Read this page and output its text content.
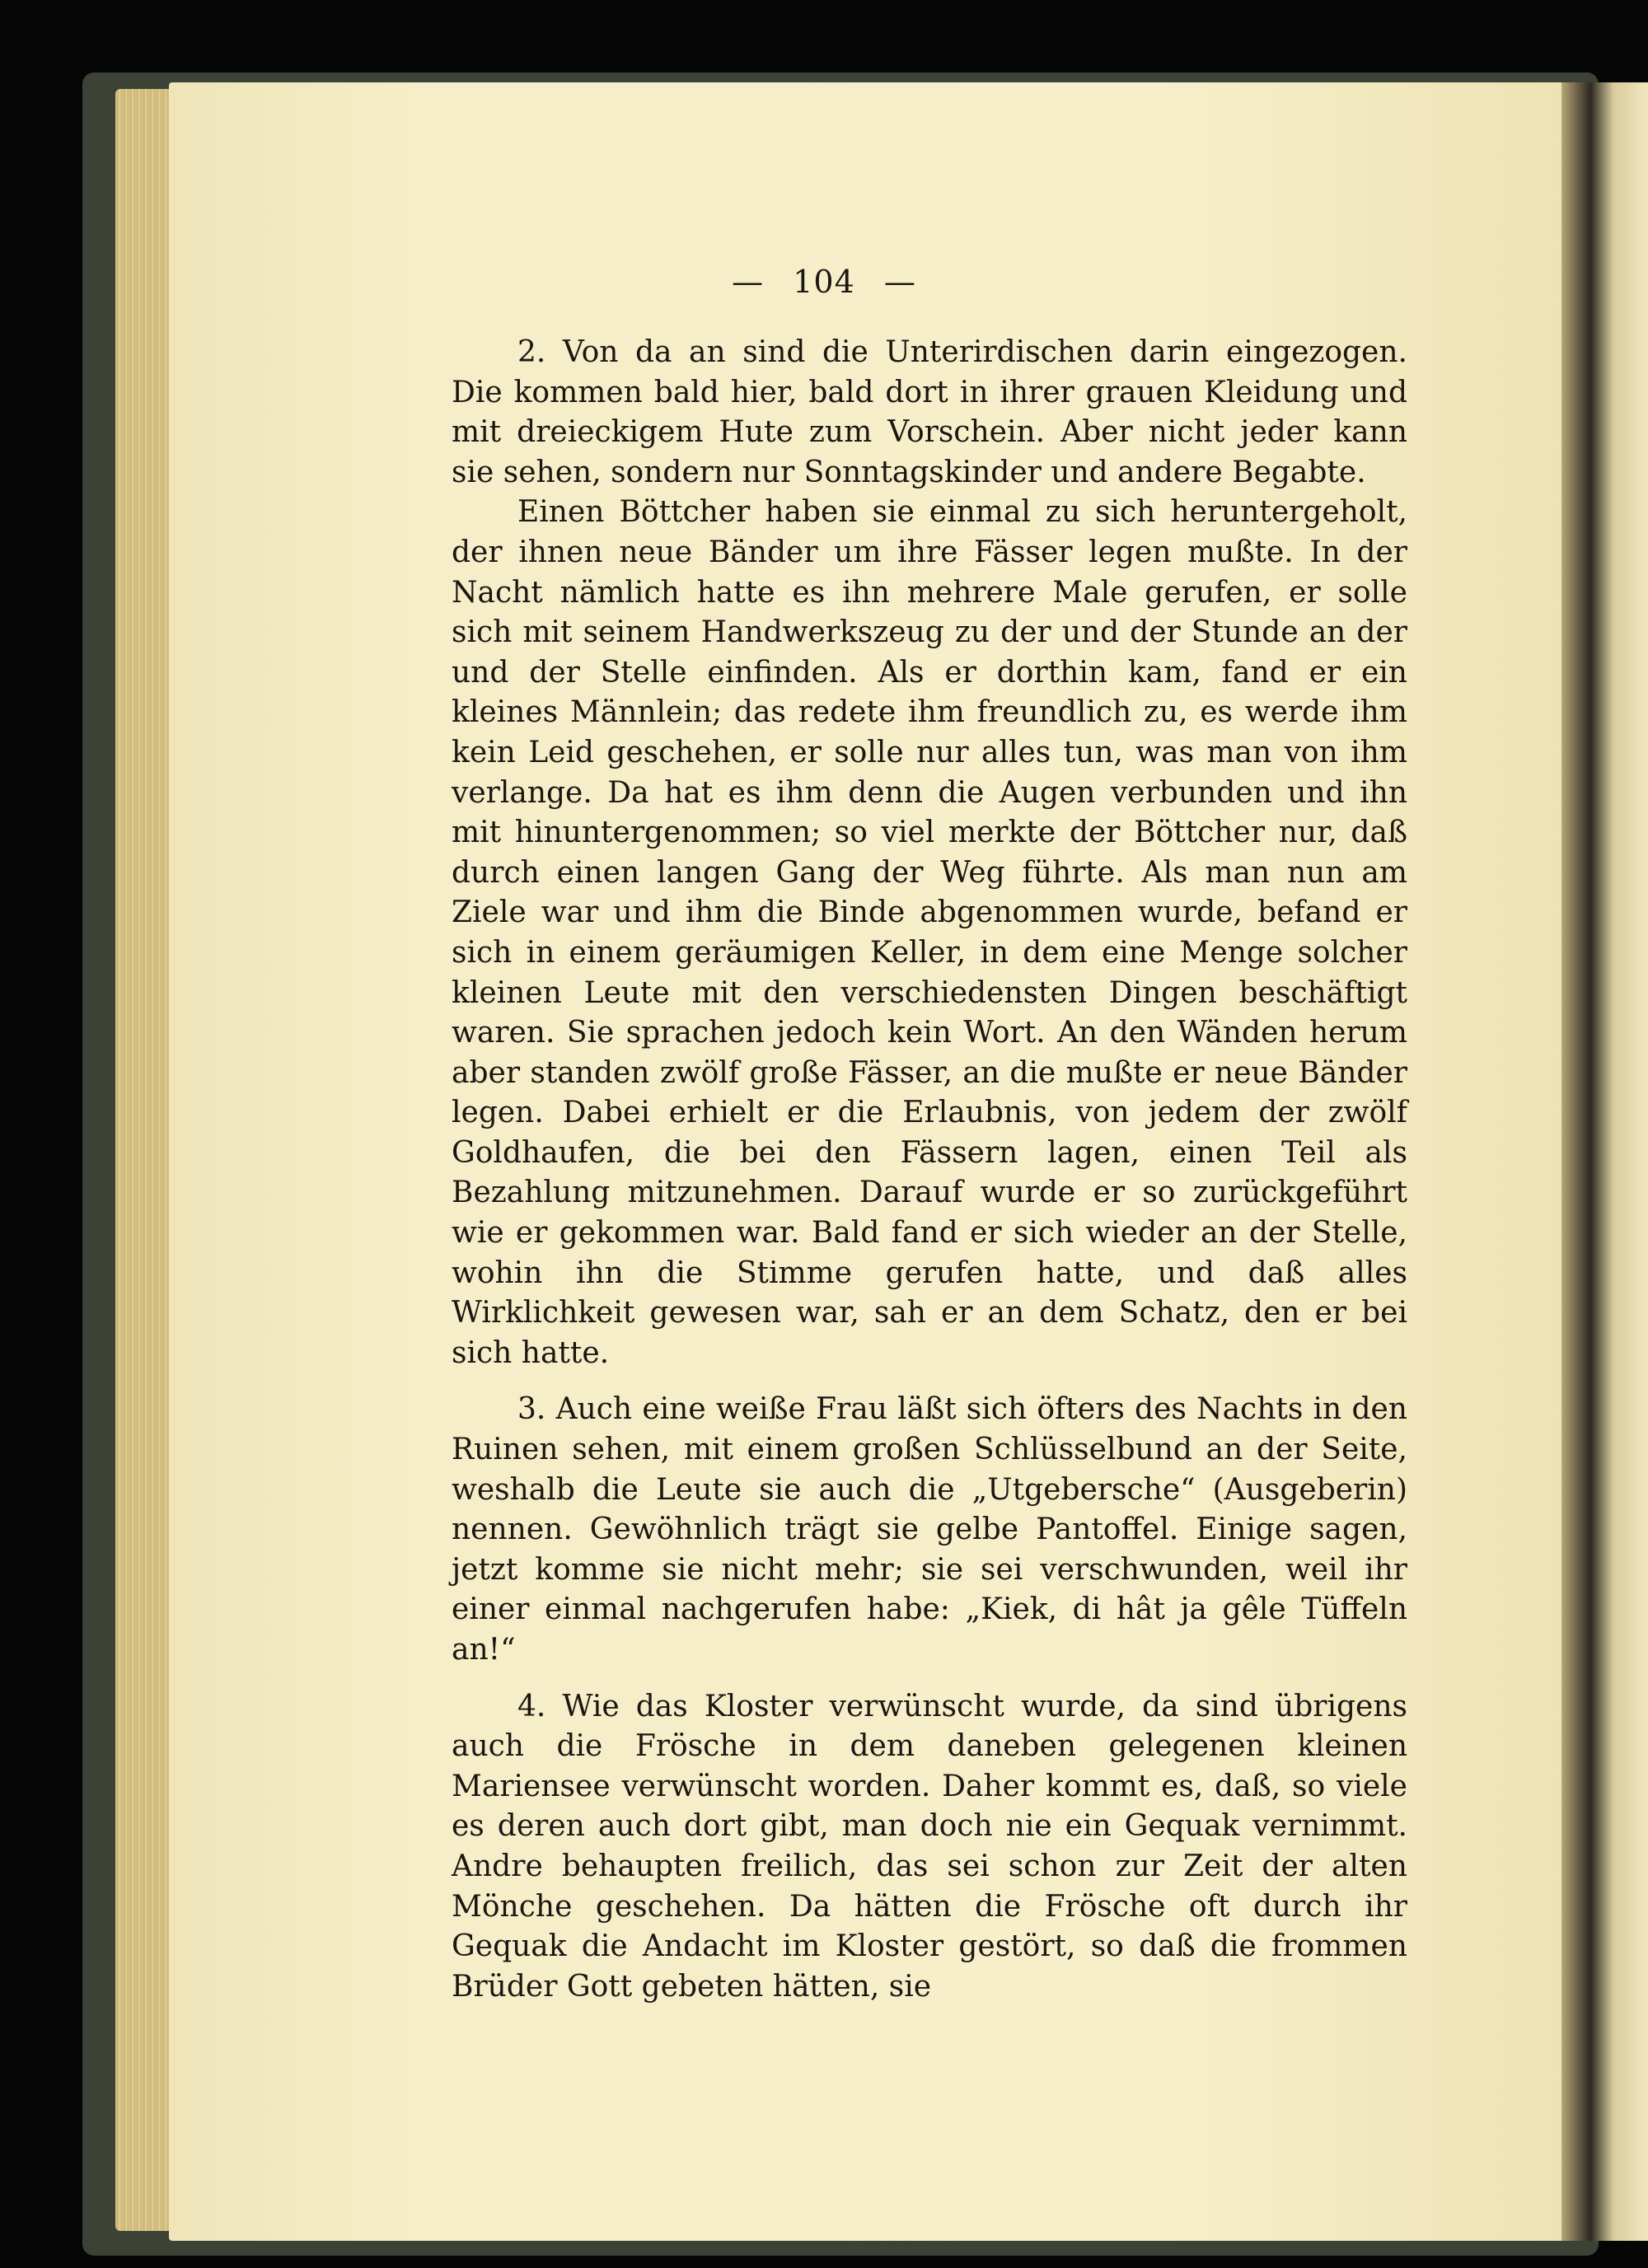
— 104 —

2. Von da an sind die Unterirdischen darin eingezogen. Die kommen bald hier, bald dort in ihrer grauen Kleidung und mit dreieckigem Hute zum Vorschein. Aber nicht jeder kann sie sehen, sondern nur Sonntagskinder und andere Begabte.

Einen Böttcher haben sie einmal zu sich heruntergeholt, der ihnen neue Bänder um ihre Fässer legen mußte. In der Nacht nämlich hatte es ihn mehrere Male gerufen, er solle sich mit seinem Handwerkszeug zu der und der Stunde an der und der Stelle einfinden. Als er dorthin kam, fand er ein kleines Männlein; das redete ihm freundlich zu, es werde ihm kein Leid geschehen, er solle nur alles tun, was man von ihm verlange. Da hat es ihm denn die Augen verbunden und ihn mit hinuntergenommen; so viel merkte der Böttcher nur, daß durch einen langen Gang der Weg führte. Als man nun am Ziele war und ihm die Binde abgenommen wurde, befand er sich in einem geräumigen Keller, in dem eine Menge solcher kleinen Leute mit den verschiedensten Dingen beschäftigt waren. Sie sprachen jedoch kein Wort. An den Wänden herum aber standen zwölf große Fässer, an die mußte er neue Bänder legen. Dabei erhielt er die Erlaubnis, von jedem der zwölf Goldhaufen, die bei den Fässern lagen, einen Teil als Bezahlung mitzunehmen. Darauf wurde er so zurückgeführt wie er gekommen war. Bald fand er sich wieder an der Stelle, wohin ihn die Stimme gerufen hatte, und daß alles Wirklichkeit gewesen war, sah er an dem Schatz, den er bei sich hatte.

3. Auch eine weiße Frau läßt sich öfters des Nachts in den Ruinen sehen, mit einem großen Schlüsselbund an der Seite, weshalb die Leute sie auch die „Utgebersche“ (Ausgeberin) nennen. Gewöhnlich trägt sie gelbe Pantoffel. Einige sagen, jetzt komme sie nicht mehr; sie sei verschwunden, weil ihr einer einmal nachgerufen habe: „Kiek, di hât ja gêle Tüffeln an!“

4. Wie das Kloster verwünscht wurde, da sind übrigens auch die Frösche in dem daneben gelegenen kleinen Mariensee verwünscht worden. Daher kommt es, daß, so viele es deren auch dort gibt, man doch nie ein Gequak vernimmt. Andre behaupten freilich, das sei schon zur Zeit der alten Mönche geschehen. Da hätten die Frösche oft durch ihr Gequak die Andacht im Kloster gestört, so daß die frommen Brüder Gott gebeten hätten, sie
